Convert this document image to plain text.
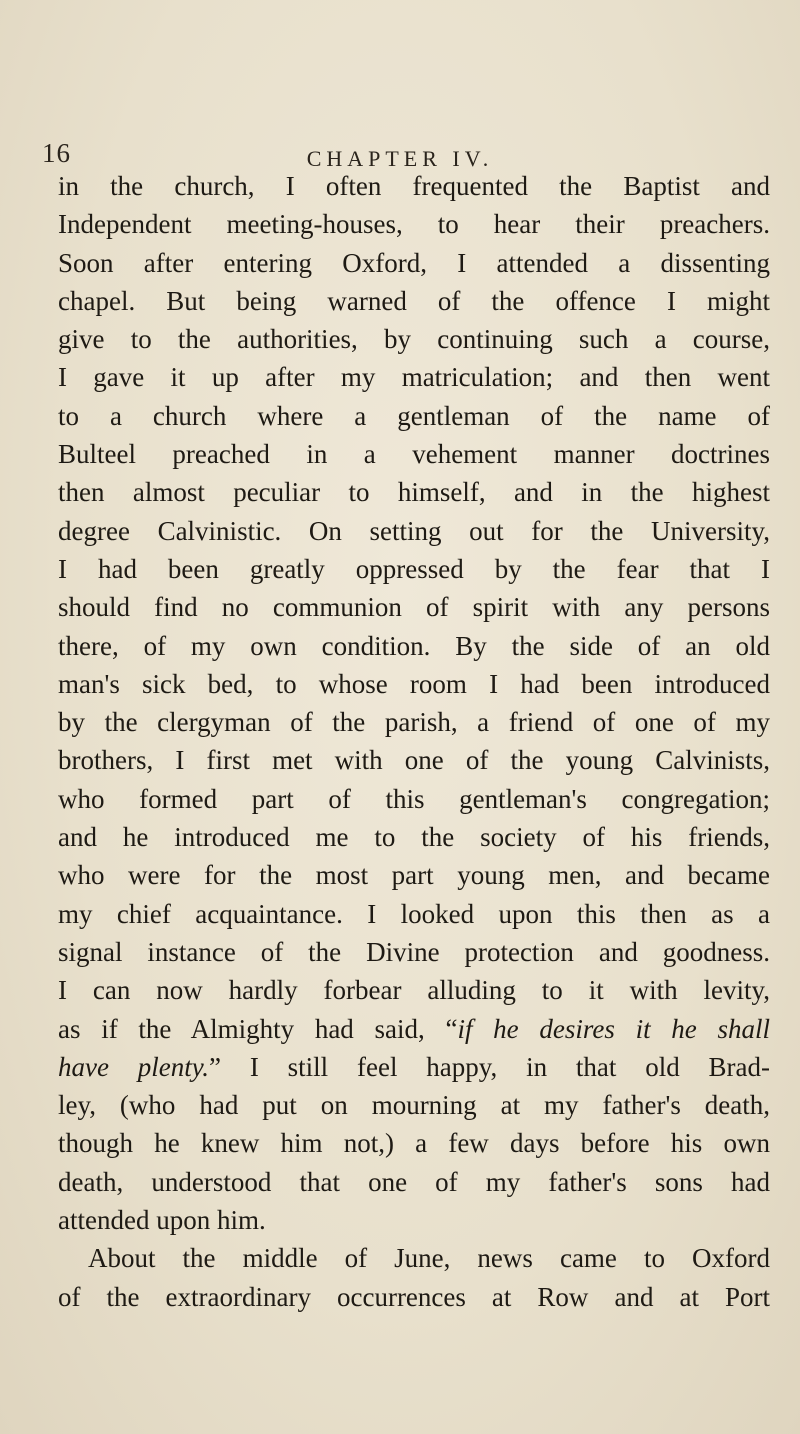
16	CHAPTER IV.
in the church, I often frequented the Baptist and
Independent meeting-houses, to hear their preachers.
Soon after entering Oxford, I attended a dissenting
chapel. But being warned of the offence I might
give to the authorities, by continuing such a course,
I gave it up after my matriculation; and then went
to a church where a gentleman of the name of
Bulteel preached in a vehement manner doctrines
then almost peculiar to himself, and in the highest
degree Calvinistic. On setting out for the University,
I had been greatly oppressed by the fear that I
should find no communion of spirit with any persons
there, of my own condition. By the side of an old
man's sick bed, to whose room I had been introduced
by the clergyman of the parish, a friend of one of my
brothers, I first met with one of the young Calvinists,
who formed part of this gentleman's congregation;
and he introduced me to the society of his friends,
who were for the most part young men, and became
my chief acquaintance. I looked upon this then as a
signal instance of the Divine protection and goodness.
I can now hardly forbear alluding to it with levity,
as if the Almighty had said, “if he desires it he shall
have plenty.” I still feel happy, in that old Brad-
ley, (who had put on mourning at my father's death,
though he knew him not,) a few days before his own
death, understood that one of my father's sons had
attended upon him.
About the middle of June, news came to Oxford
of the extraordinary occurrences at Row and at Port
